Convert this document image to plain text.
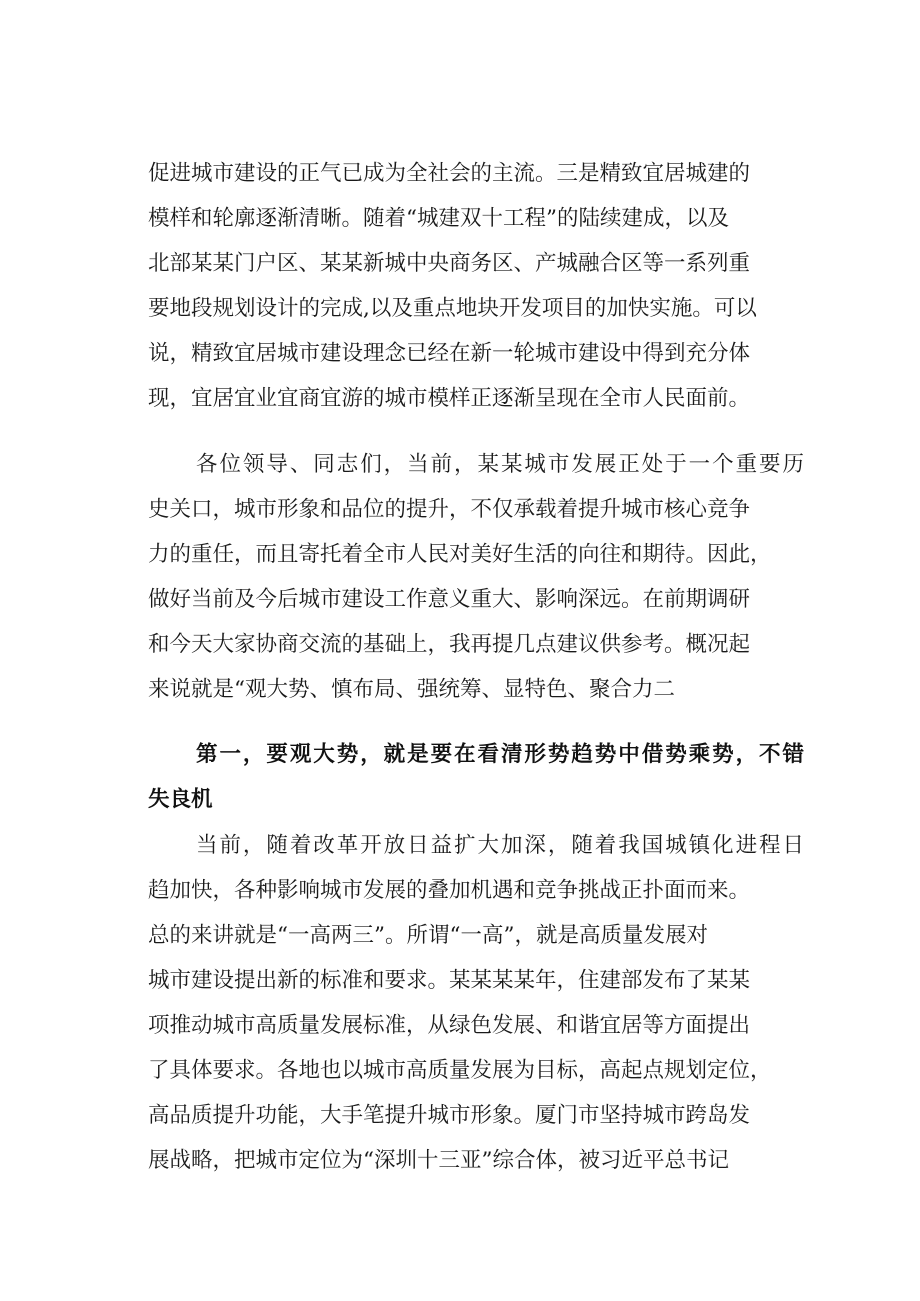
促进城市建设的正气已成为全社会的主流。三是精致宜居城建的
模样和轮廓逐渐清晰。随着“城建双十工程”的陆续建成，以及
北部某某门户区、某某新城中央商务区、产城融合区等一系列重
要地段规划设计的完成,以及重点地块开发项目的加快实施。可以
说，精致宜居城市建设理念已经在新一轮城市建设中得到充分体
现，宜居宜业宜商宜游的城市模样正逐渐呈现在全市人民面前。
各位领导、同志们，当前，某某城市发展正处于一个重要历
史关口，城市形象和品位的提升，不仅承载着提升城市核心竞争
力的重任，而且寄托着全市人民对美好生活的向往和期待。因此，
做好当前及今后城市建设工作意义重大、影响深远。在前期调研
和今天大家协商交流的基础上，我再提几点建议供参考。概况起
来说就是“观大势、慎布局、强统筹、显特色、聚合力二
第一，要观大势，就是要在看清形势趋势中借势乘势，不错
失良机
当前，随着改革开放日益扩大加深，随着我国城镇化进程日
趋加快，各种影响城市发展的叠加机遇和竞争挑战正扑面而来。
总的来讲就是“一高两三”。所谓“一高”，就是高质量发展对
城市建设提出新的标准和要求。某某某某年，住建部发布了某某
项推动城市高质量发展标准，从绿色发展、和谐宜居等方面提出
了具体要求。各地也以城市高质量发展为目标，高起点规划定位，
高品质提升功能，大手笔提升城市形象。厦门市坚持城市跨岛发
展战略，把城市定位为“深圳十三亚”综合体，被习近平总书记
